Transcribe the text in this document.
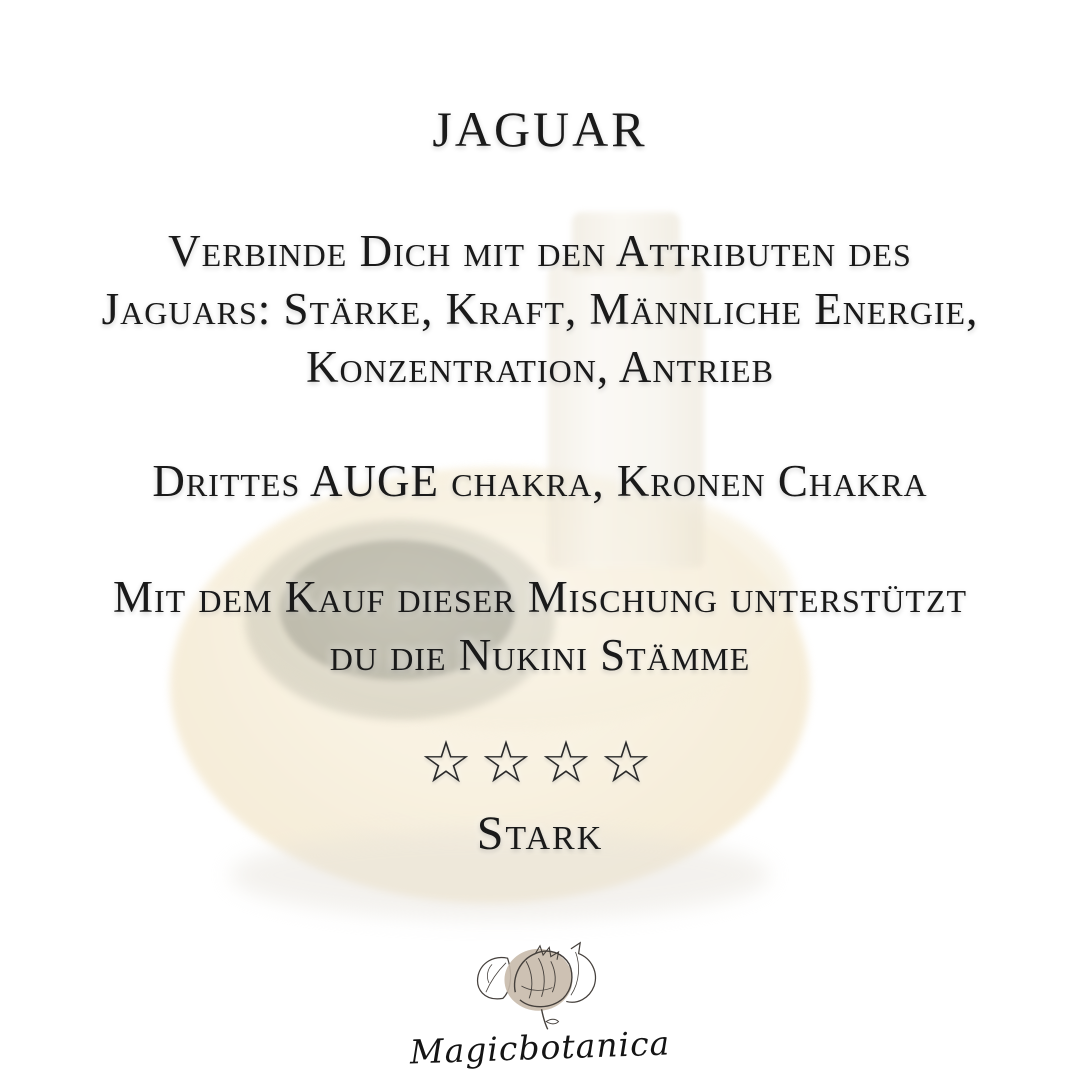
JAGUAR

Verbinde Dich mit den Attributen des
Jaguars: Stärke, Kraft, Männliche Energie,
Konzentration, Antrieb

Drittes AUGE chakra, Kronen Chakra

Mit dem Kauf dieser Mischung unterstützt
du die Nukini Stämme

☆☆☆☆
Stark
Magicbotanica
